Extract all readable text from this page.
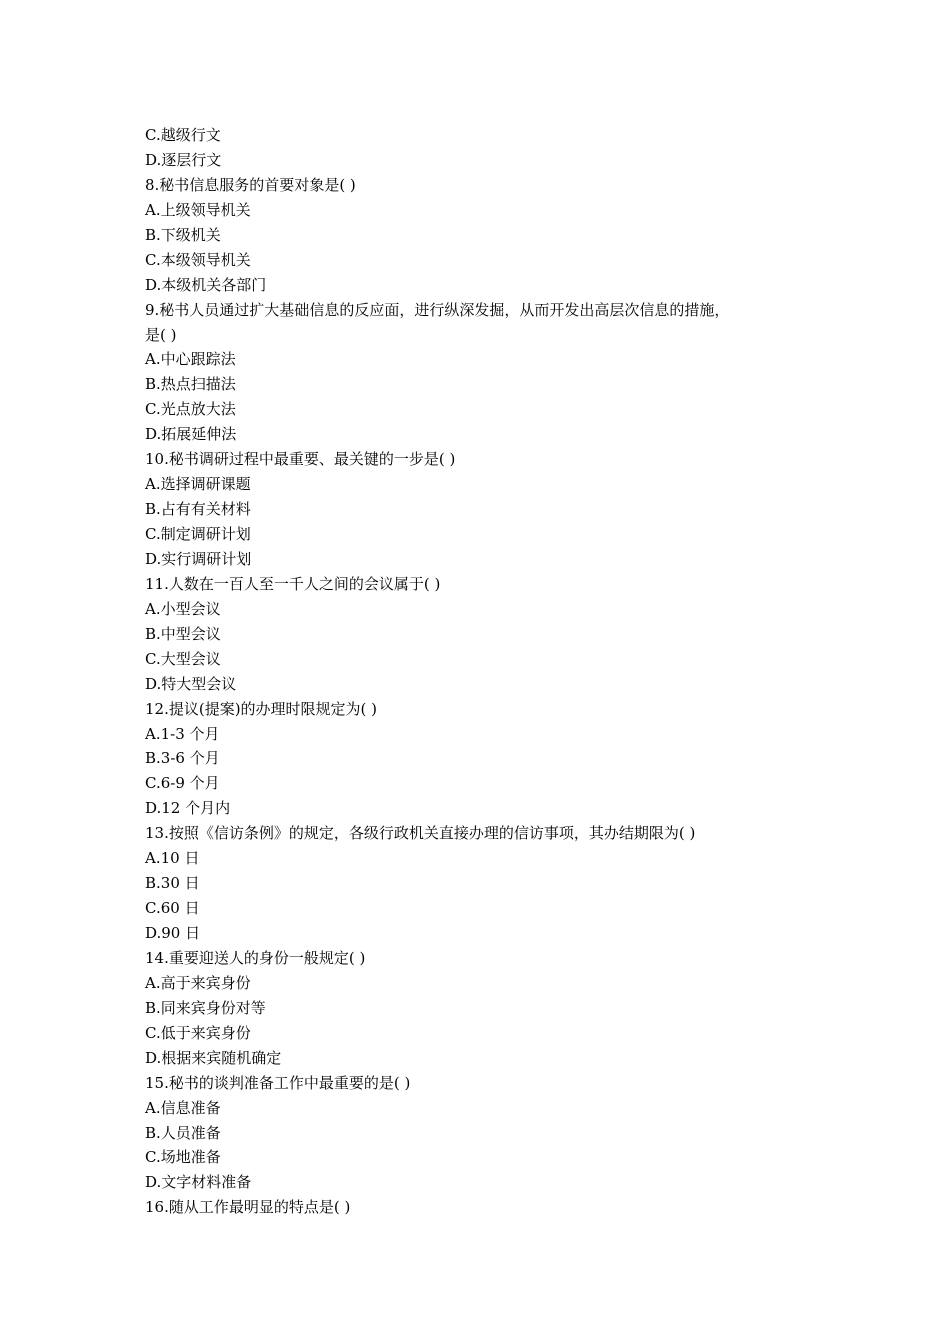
C.越级行文
D.逐层行文
8.秘书信息服务的首要对象是( )
A.上级领导机关
B.下级机关
C.本级领导机关
D.本级机关各部门
9.秘书人员通过扩大基础信息的反应面，进行纵深发掘，从而开发出高层次信息的措施，
是( )
A.中心跟踪法
B.热点扫描法
C.光点放大法
D.拓展延伸法
10.秘书调研过程中最重要、最关键的一步是( )
A.选择调研课题
B.占有有关材料
C.制定调研计划
D.实行调研计划
11.人数在一百人至一千人之间的会议属于( )
A.小型会议
B.中型会议
C.大型会议
D.特大型会议
12.提议(提案)的办理时限规定为( )
A.1-3 个月
B.3-6 个月
C.6-9 个月
D.12 个月内
13.按照《信访条例》的规定，各级行政机关直接办理的信访事项，其办结期限为( )
A.10 日
B.30 日
C.60 日
D.90 日
14.重要迎送人的身份一般规定( )
A.高于来宾身份
B.同来宾身份对等
C.低于来宾身份
D.根据来宾随机确定
15.秘书的谈判准备工作中最重要的是( )
A.信息准备
B.人员准备
C.场地准备
D.文字材料准备
16.随从工作最明显的特点是( )
